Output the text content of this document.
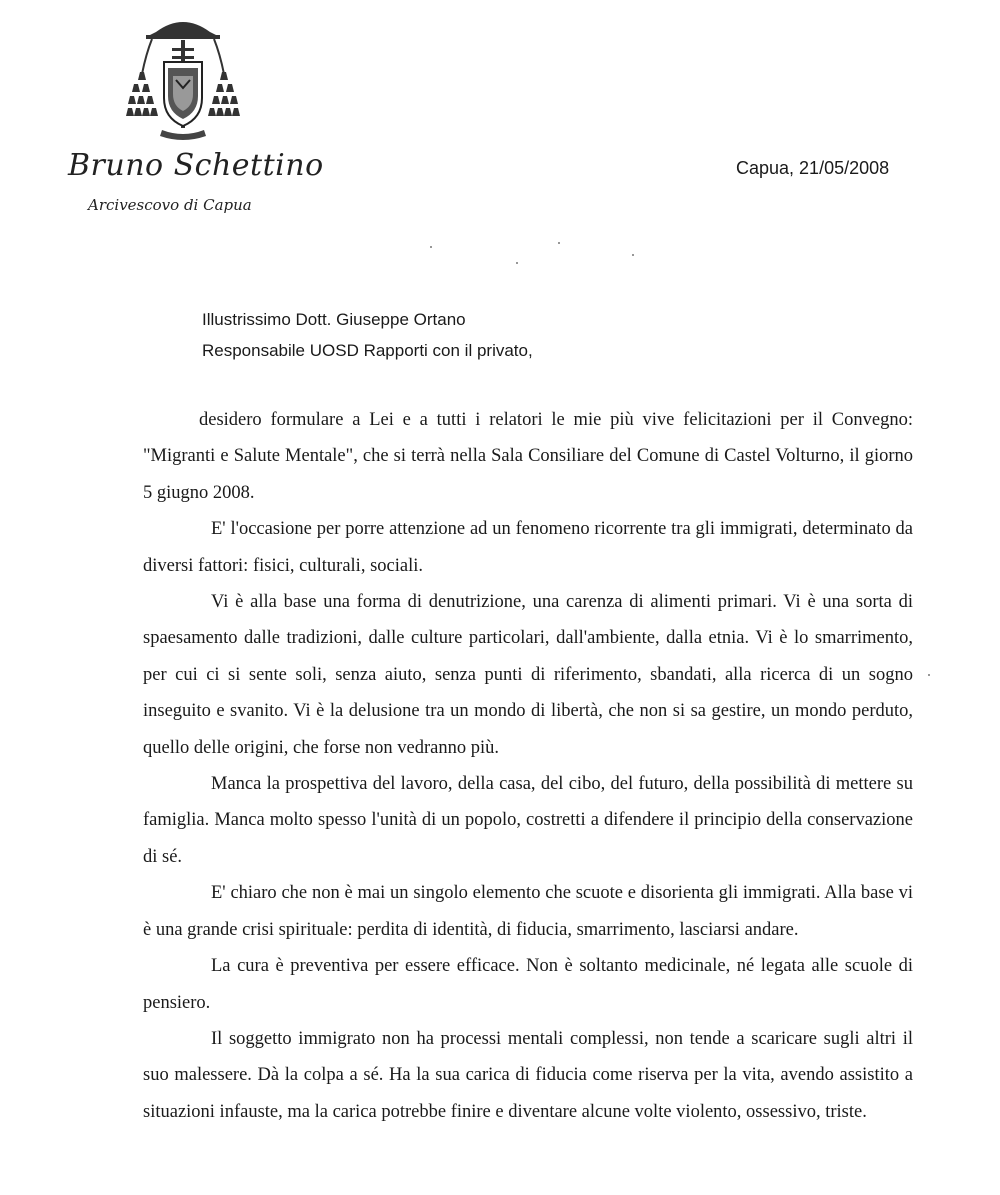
Bruno Schettino
Arcivescovo di Capua
Capua, 21/05/2008
Illustrissimo Dott. Giuseppe Ortano
Responsabile UOSD Rapporti con il privato,

desidero formulare a Lei e a tutti i relatori le mie più vive felicitazioni per il Convegno: "Migranti e Salute Mentale", che si terrà nella Sala Consiliare del Comune di Castel Volturno, il giorno 5 giugno 2008.

E' l'occasione per porre attenzione ad un fenomeno ricorrente tra gli immigrati, determinato da diversi fattori: fisici, culturali, sociali.

Vi è alla base una forma di denutrizione, una carenza di alimenti primari. Vi è una sorta di spaesamento dalle tradizioni, dalle culture particolari, dall'ambiente, dalla etnia. Vi è lo smarrimento, per cui ci si sente soli, senza aiuto, senza punti di riferimento, sbandati, alla ricerca di un sogno inseguito e svanito. Vi è la delusione tra un mondo di libertà, che non si sa gestire, un mondo perduto, quello delle origini, che forse non vedranno più.

Manca la prospettiva del lavoro, della casa, del cibo, del futuro, della possibilità di mettere su famiglia. Manca molto spesso l'unità di un popolo, costretti a difendere il principio della conservazione di sé.

E' chiaro che non è mai un singolo elemento che scuote e disorienta gli immigrati. Alla base vi è una grande crisi spirituale: perdita di identità, di fiducia, smarrimento, lasciarsi andare.

La cura è preventiva per essere efficace. Non è soltanto medicinale, né legata alle scuole di pensiero.

Il soggetto immigrato non ha processi mentali complessi, non tende a scaricare sugli altri il suo malessere. Dà la colpa a sé. Ha la sua carica di fiducia come riserva per la vita, avendo assistito a situazioni infauste, ma la carica potrebbe finire e diventare alcune volte violento, ossessivo, triste.
